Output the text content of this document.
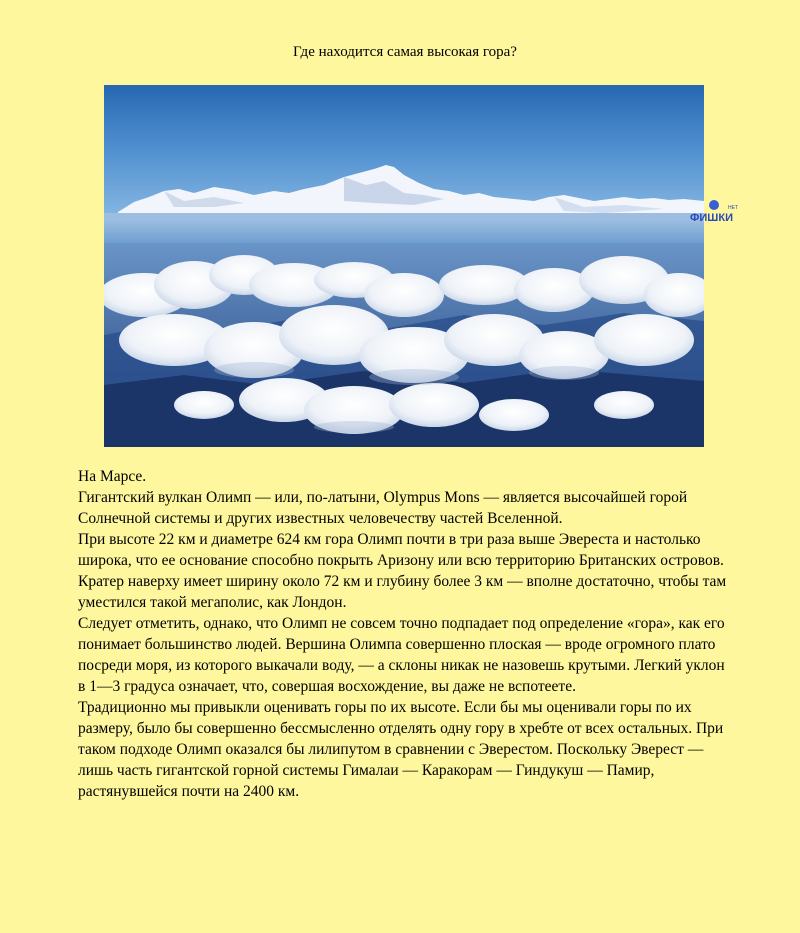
Где находится самая высокая гора?
НЕТ
ФИШКИ

На Марсе.

Гигантский вулкан Олимп — или, по-латыни, Olympus Mons — является высочайшей горой Солнечной системы и других известных человечеству частей Вселенной.

При высоте 22 км и диаметре 624 км гора Олимп почти в три раза выше Эвереста и настолько широка, что ее основание способно покрыть Аризону или всю территорию Британских островов. Кратер наверху имеет ширину около 72 км и глубину более 3 км — вполне достаточно, чтобы там уместился такой мегаполис, как Лондон.

Следует отметить, однако, что Олимп не совсем точно подпадает под определение «гора», как его понимает большинство людей. Вершина Олимпа совершенно плоская — вроде огромного плато посреди моря, из которого выкачали воду, — а склоны никак не назовешь крутыми. Легкий уклон в 1—3 градуса означает, что, совершая восхождение, вы даже не вспотеете.

Традиционно мы привыкли оценивать горы по их высоте. Если бы мы оценивали горы по их размеру, было бы совершенно бессмысленно отделять одну гору в хребте от всех остальных. При таком подходе Олимп оказался бы лилипутом в сравнении с Эверестом. Поскольку Эверест — лишь часть гигантской горной системы Гималаи — Каракорам — Гиндукуш — Памир, растянувшейся почти на 2400 км.
